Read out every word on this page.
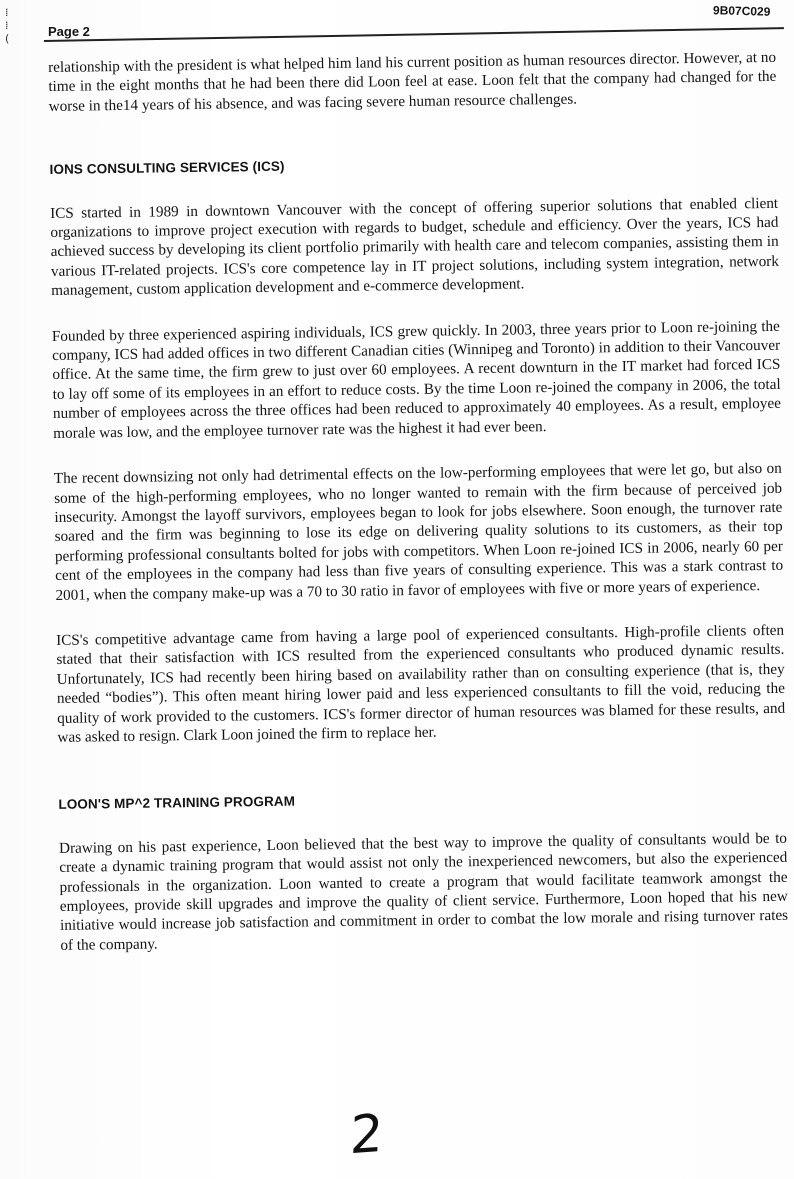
⁞
⁞
(
9B07C029
Page 2

relationship with the president is what helped him land his current position as human resources director. However, at no time in the eight months that he had been there did Loon feel at ease. Loon felt that the company had changed for the worse in the14 years of his absence, and was facing severe human resource challenges.

IONS CONSULTING SERVICES (ICS)

ICS started in 1989 in downtown Vancouver with the concept of offering superior solutions that enabled client organizations to improve project execution with regards to budget, schedule and efficiency. Over the years, ICS had achieved success by developing its client portfolio primarily with health care and telecom companies, assisting them in various IT-related projects. ICS's core competence lay in IT project solutions, including system integration, network management, custom application development and e-commerce development.

Founded by three experienced aspiring individuals, ICS grew quickly. In 2003, three years prior to Loon re-joining the company, ICS had added offices in two different Canadian cities (Winnipeg and Toronto) in addition to their Vancouver office. At the same time, the firm grew to just over 60 employees. A recent downturn in the IT market had forced ICS to lay off some of its employees in an effort to reduce costs. By the time Loon re-joined the company in 2006, the total number of employees across the three offices had been reduced to approximately 40 employees. As a result, employee morale was low, and the employee turnover rate was the highest it had ever been.

The recent downsizing not only had detrimental effects on the low-performing employees that were let go, but also on some of the high-performing employees, who no longer wanted to remain with the firm because of perceived job insecurity. Amongst the layoff survivors, employees began to look for jobs elsewhere. Soon enough, the turnover rate soared and the firm was beginning to lose its edge on delivering quality solutions to its customers, as their top performing professional consultants bolted for jobs with competitors. When Loon re-joined ICS in 2006, nearly 60 per cent of the employees in the company had less than five years of consulting experience. This was a stark contrast to 2001, when the company make-up was a 70 to 30 ratio in favor of employees with five or more years of experience.

ICS's competitive advantage came from having a large pool of experienced consultants. High-profile clients often stated that their satisfaction with ICS resulted from the experienced consultants who produced dynamic results. Unfortunately, ICS had recently been hiring based on availability rather than on consulting experience (that is, they needed “bodies”). This often meant hiring lower paid and less experienced consultants to fill the void, reducing the quality of work provided to the customers. ICS's former director of human resources was blamed for these results, and was asked to resign. Clark Loon joined the firm to replace her.

LOON'S MP^2 TRAINING PROGRAM

Drawing on his past experience, Loon believed that the best way to improve the quality of consultants would be to create a dynamic training program that would assist not only the inexperienced newcomers, but also the experienced professionals in the organization. Loon wanted to create a program that would facilitate teamwork amongst the employees, provide skill upgrades and improve the quality of client service. Furthermore, Loon hoped that his new initiative would increase job satisfaction and commitment in order to combat the low morale and rising turnover rates of the company.

2
